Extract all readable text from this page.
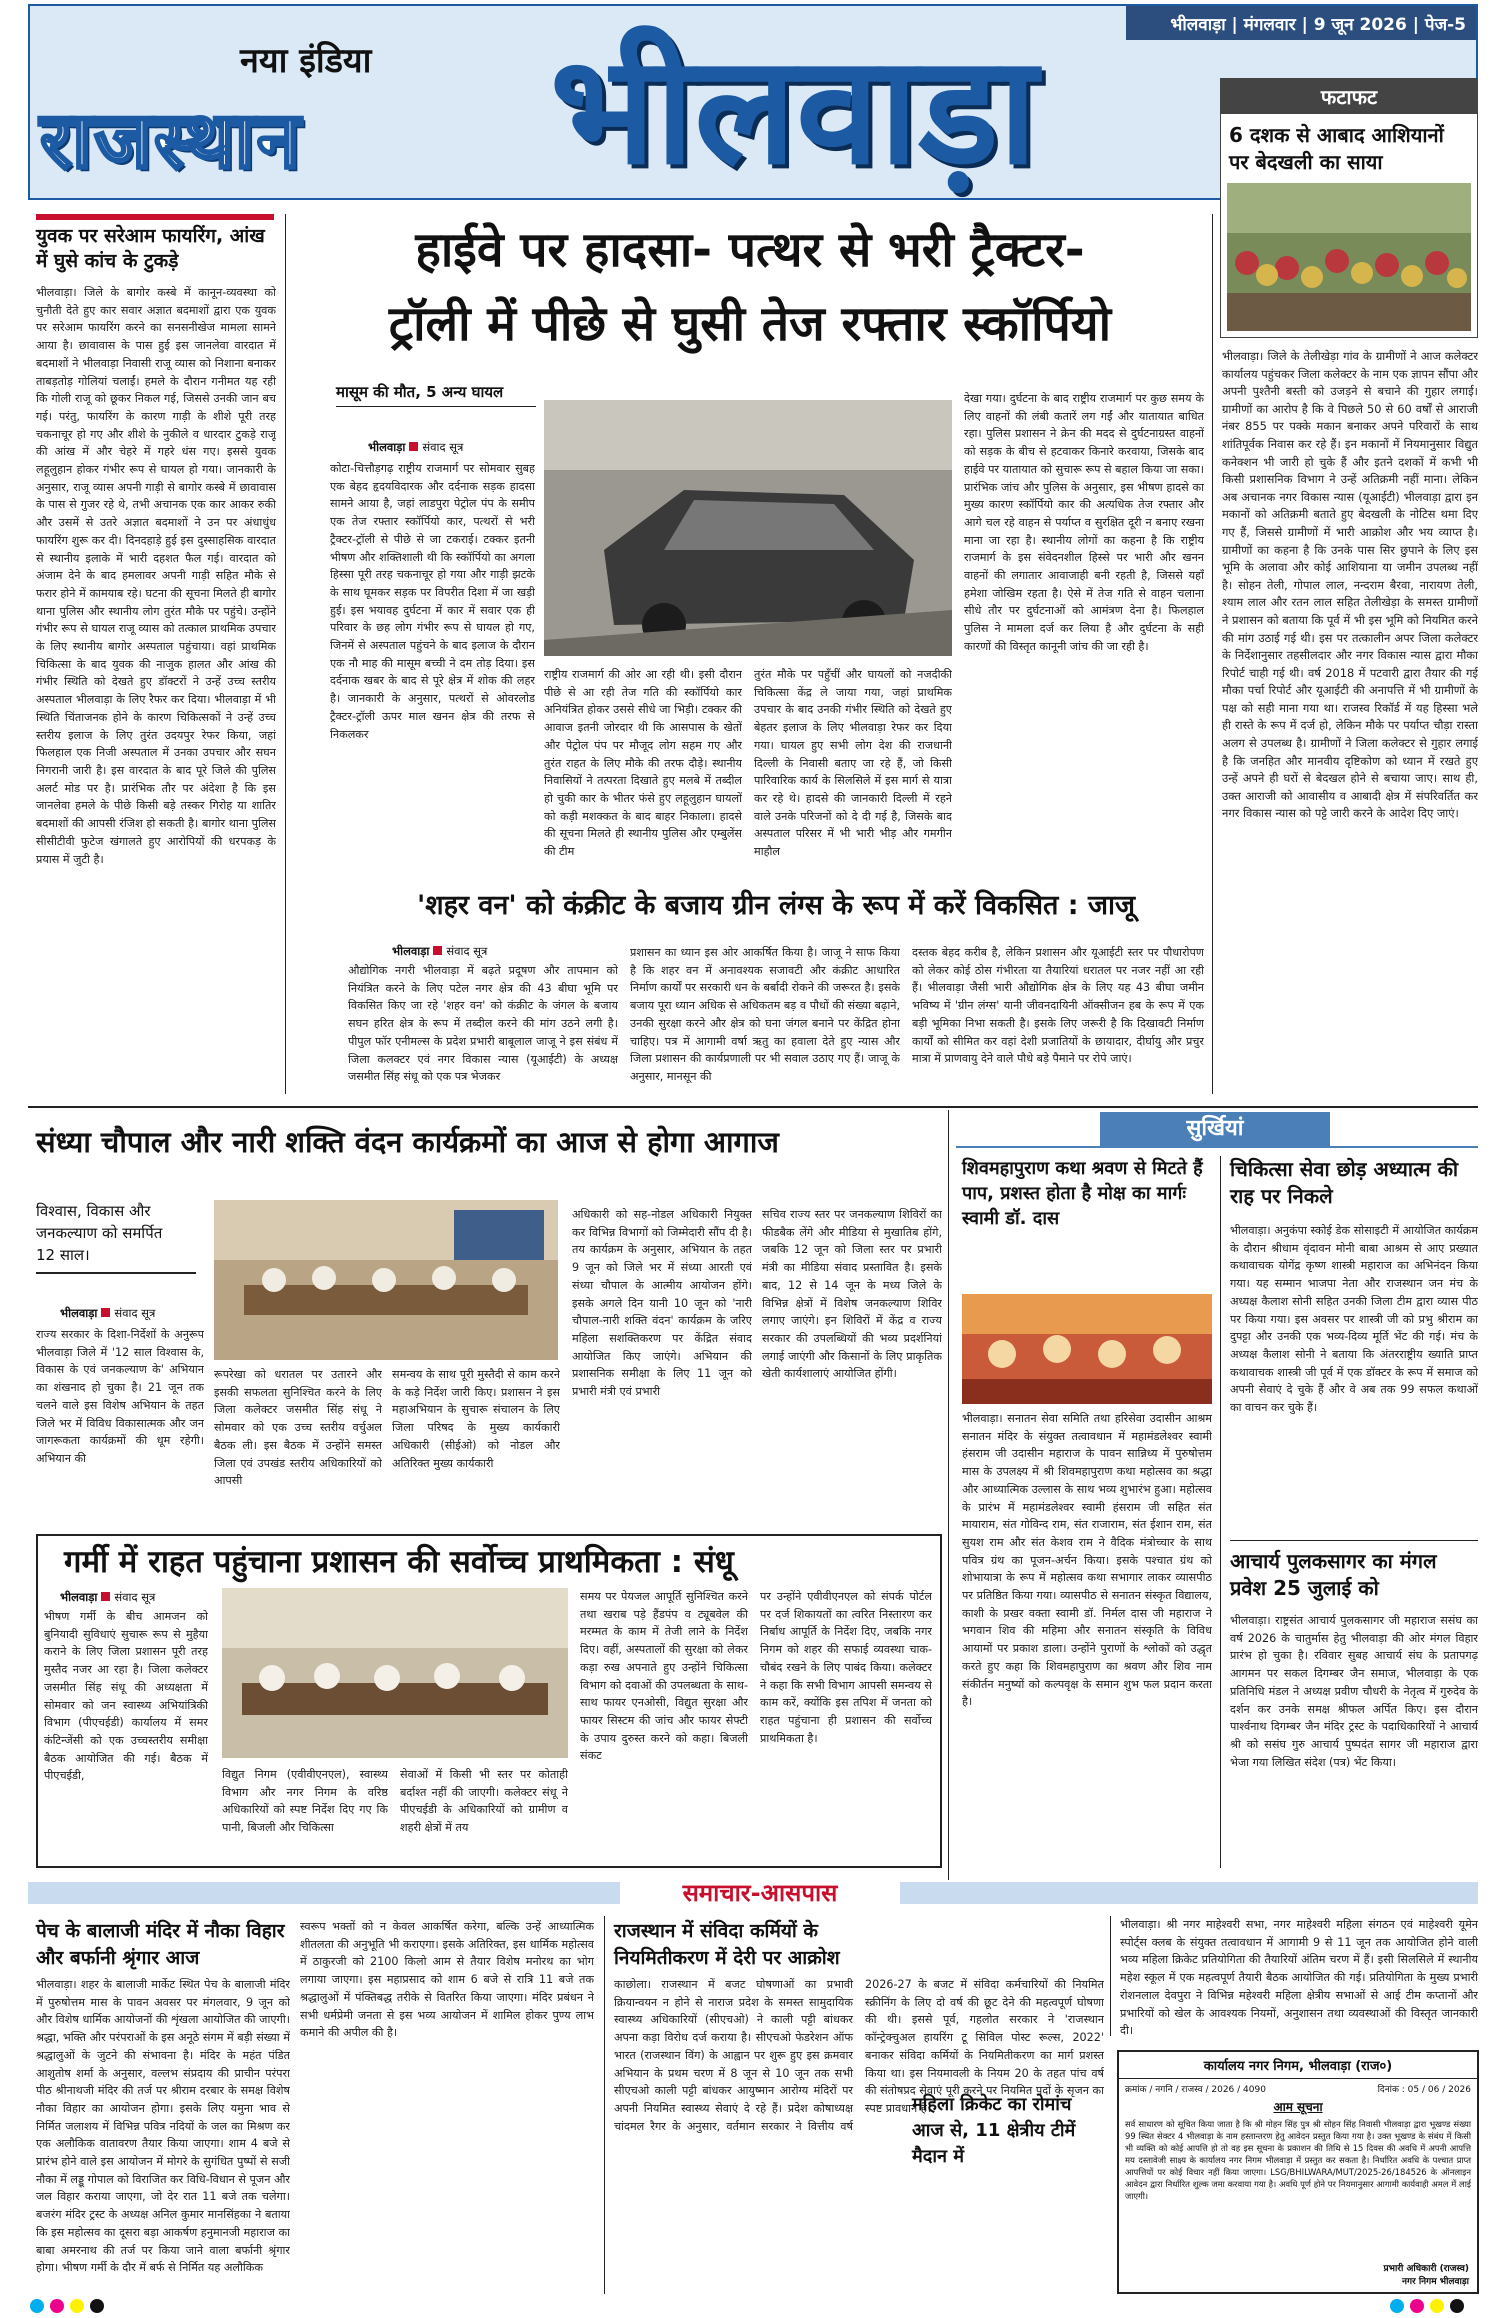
भीलवाड़ा | मंगलवार | 9 जून 2026 | पेज-5
नया इंडिया
राजस्थान भीलवाड़ा	फटाफट
6 दशक से आबाद आशियानों पर बेदखली का साया
भीलवाड़ा। जिले के तेलीखेड़ा गांव के ग्रामीणों ने आज कलेक्टर कार्यालय पहुंचकर जिला कलेक्टर के नाम एक ज्ञापन सौंपा और अपनी पुश्तैनी बस्ती को उजड़ने से बचाने की गुहार लगाई। ग्रामीणों का आरोप है कि वे पिछले 50 से 60 वर्षों से आराजी नंबर 855 पर पक्के मकान बनाकर अपने परिवारों के साथ शांतिपूर्वक निवास कर रहे हैं। इन मकानों में नियमानुसार विद्युत कनेक्शन भी जारी हो चुके हैं और इतने दशकों में कभी भी किसी प्रशासनिक विभाग ने उन्हें अतिक्रमी नहीं माना। लेकिन अब अचानक नगर विकास न्यास (यूआईटी) भीलवाड़ा द्वारा इन मकानों को अतिक्रमी बताते हुए बेदखली के नोटिस थमा दिए गए हैं, जिससे ग्रामीणों में भारी आक्रोश और भय व्याप्त है। ग्रामीणों का कहना है कि उनके पास सिर छुपाने के लिए इस भूमि के अलावा और कोई आशियाना या जमीन उपलब्ध नहीं है। सोहन तेली, गोपाल लाल, नन्दराम बैरवा, नारायण तेली, श्याम लाल और रतन लाल सहित तेलीखेड़ा के समस्त ग्रामीणों ने प्रशासन को बताया कि पूर्व में भी इस भूमि को नियमित करने की मांग उठाई गई थी। इस पर तत्कालीन अपर जिला कलेक्टर के निर्देशानुसार तहसीलदार और नगर विकास न्यास द्वारा मौका रिपोर्ट चाही गई थी। वर्ष 2018 में पटवारी द्वारा तैयार की गई मौका पर्चा रिपोर्ट और यूआईटी की अनापत्ति में भी ग्रामीणों के पक्ष को सही माना गया था। राजस्व रिकॉर्ड में यह हिस्सा भले ही रास्ते के रूप में दर्ज हो, लेकिन मौके पर पर्याप्त चौड़ा रास्ता अलग से उपलब्ध है। ग्रामीणों ने जिला कलेक्टर से गुहार लगाई है कि जनहित और मानवीय दृष्टिकोण को ध्यान में रखते हुए उन्हें अपने ही घरों से बेदखल होने से बचाया जाए। साथ ही, उक्त आराजी को आवासीय व आबादी क्षेत्र में संपरिवर्तित कर नगर विकास न्यास को पट्टे जारी करने के आदेश दिए जाएं।
युवक पर सरेआम फायरिंग, आंख में घुसे कांच के टुकड़े
भीलवाड़ा। जिले के बागोर कस्बे में कानून-व्यवस्था को चुनौती देते हुए कार सवार अज्ञात बदमाशों द्वारा एक युवक पर सरेआम फायरिंग करने का सनसनीखेज मामला सामने आया है। छावावास के पास हुई इस जानलेवा वारदात में बदमाशों ने भीलवाड़ा निवासी राजू व्यास को निशाना बनाकर ताबड़तोड़ गोलियां चलाईं। हमले के दौरान गनीमत यह रही कि गोली राजू को छूकर निकल गई, जिससे उनकी जान बच गई। परंतु, फायरिंग के कारण गाड़ी के शीशे पूरी तरह चकनाचूर हो गए और शीशे के नुकीले व धारदार टुकड़े राजू की आंख में और चेहरे में गहरे धंस गए। इससे युवक लहूलुहान होकर गंभीर रूप से घायल हो गया। जानकारी के अनुसार, राजू व्यास अपनी गाड़ी से बागोर कस्बे में छावावास के पास से गुजर रहे थे, तभी अचानक एक कार आकर रुकी और उसमें से उतरे अज्ञात बदमाशों ने उन पर अंधाधुंध फायरिंग शुरू कर दी। दिनदहाड़े हुई इस दुस्साहसिक वारदात से स्थानीय इलाके में भारी दहशत फैल गई। वारदात को अंजाम देने के बाद हमलावर अपनी गाड़ी सहित मौके से फरार होने में कामयाब रहे। घटना की सूचना मिलते ही बागोर थाना पुलिस और स्थानीय लोग तुरंत मौके पर पहुंचे। उन्होंने गंभीर रूप से घायल राजू व्यास को तत्काल प्राथमिक उपचार के लिए स्थानीय बागोर अस्पताल पहुंचाया। वहां प्राथमिक चिकित्सा के बाद युवक की नाजुक हालत और आंख की गंभीर स्थिति को देखते हुए डॉक्टरों ने उन्हें उच्च स्तरीय अस्पताल भीलवाड़ा के लिए रैफर कर दिया। भीलवाड़ा में भी स्थिति चिंताजनक होने के कारण चिकित्सकों ने उन्हें उच्च स्तरीय इलाज के लिए तुरंत उदयपुर रेफर किया, जहां फिलहाल एक निजी अस्पताल में उनका उपचार और सघन निगरानी जारी है। इस वारदात के बाद पूरे जिले की पुलिस अलर्ट मोड पर है। प्रारंभिक तौर पर अंदेशा है कि इस जानलेवा हमले के पीछे किसी बड़े तस्कर गिरोह या शातिर बदमाशों की आपसी रंजिश हो सकती है। बागोर थाना पुलिस सीसीटीवी फुटेज खंगालते हुए आरोपियों की धरपकड़ के प्रयास में जुटी है।
हाईवे पर हादसा- पत्थर से भरी ट्रैक्टर-
ट्रॉली में पीछे से घुसी तेज रफ्तार स्कॉर्पियो
मासूम की मौत, 5 अन्य घायल
भीलवाड़ा संवाद सूत्र
कोटा-चित्तौड़गढ़ राष्ट्रीय राजमार्ग पर सोमवार सुबह एक बेहद हृदयविदारक और दर्दनाक सड़क हादसा सामने आया है, जहां लाडपुरा पेट्रोल पंप के समीप एक तेज रफ्तार स्कॉर्पियो कार, पत्थरों से भरी ट्रैक्टर-ट्रॉली से पीछे से जा टकराई। टक्कर इतनी भीषण और शक्तिशाली थी कि स्कॉर्पियो का अगला हिस्सा पूरी तरह चकनाचूर हो गया और गाड़ी झटके के साथ घूमकर सड़क पर विपरीत दिशा में जा खड़ी हुई। इस भयावह दुर्घटना में कार में सवार एक ही परिवार के छह लोग गंभीर रूप से घायल हो गए, जिनमें से अस्पताल पहुंचने के बाद इलाज के दौरान एक नौ माह की मासूम बच्ची ने दम तोड़ दिया। इस दर्दनाक खबर के बाद से पूरे क्षेत्र में शोक की लहर है। जानकारी के अनुसार, पत्थरों से ओवरलोड ट्रैक्टर-ट्रॉली ऊपर माल खनन क्षेत्र की तरफ से निकलकर
राष्ट्रीय राजमार्ग की ओर आ रही थी। इसी दौरान पीछे से आ रही तेज गति की स्कॉर्पियो कार अनियंत्रित होकर उससे सीधे जा भिड़ी। टक्कर की आवाज इतनी जोरदार थी कि आसपास के खेतों और पेट्रोल पंप पर मौजूद लोग सहम गए और तुरंत राहत के लिए मौके की तरफ दौड़े। स्थानीय निवासियों ने तत्परता दिखाते हुए मलबे में तब्दील हो चुकी कार के भीतर फंसे हुए लहूलुहान घायलों को कड़ी मशक्कत के बाद बाहर निकाला। हादसे की सूचना मिलते ही स्थानीय पुलिस और एम्बुलेंस की टीम
तुरंत मौके पर पहुँचीं और घायलों को नजदीकी चिकित्सा केंद्र ले जाया गया, जहां प्राथमिक उपचार के बाद उनकी गंभीर स्थिति को देखते हुए बेहतर इलाज के लिए भीलवाड़ा रेफर कर दिया गया। घायल हुए सभी लोग देश की राजधानी दिल्ली के निवासी बताए जा रहे हैं, जो किसी पारिवारिक कार्य के सिलसिले में इस मार्ग से यात्रा कर रहे थे। हादसे की जानकारी दिल्ली में रहने वाले उनके परिजनों को दे दी गई है, जिसके बाद अस्पताल परिसर में भी भारी भीड़ और गमगीन माहौल
देखा गया। दुर्घटना के बाद राष्ट्रीय राजमार्ग पर कुछ समय के लिए वाहनों की लंबी कतारें लग गईं और यातायात बाधित रहा। पुलिस प्रशासन ने क्रेन की मदद से दुर्घटनाग्रस्त वाहनों को सड़क के बीच से हटवाकर किनारे करवाया, जिसके बाद हाईवे पर यातायात को सुचारू रूप से बहाल किया जा सका। प्रारंभिक जांच और पुलिस के अनुसार, इस भीषण हादसे का मुख्य कारण स्कॉर्पियो कार की अत्यधिक तेज रफ्तार और आगे चल रहे वाहन से पर्याप्त व सुरक्षित दूरी न बनाए रखना माना जा रहा है। स्थानीय लोगों का कहना है कि राष्ट्रीय राजमार्ग के इस संवेदनशील हिस्से पर भारी और खनन वाहनों की लगातार आवाजाही बनी रहती है, जिससे यहाँ हमेशा जोखिम रहता है। ऐसे में तेज गति से वाहन चलाना सीधे तौर पर दुर्घटनाओं को आमंत्रण देना है। फिलहाल पुलिस ने मामला दर्ज कर लिया है और दुर्घटना के सही कारणों की विस्तृत कानूनी जांच की जा रही है।
'शहर वन' को कंक्रीट के बजाय ग्रीन लंग्स के रूप में करें विकसित : जाजू
भीलवाड़ा संवाद सूत्र
औद्योगिक नगरी भीलवाड़ा में बढ़ते प्रदूषण और तापमान को नियंत्रित करने के लिए पटेल नगर क्षेत्र की 43 बीघा भूमि पर विकसित किए जा रहे 'शहर वन' को कंक्रीट के जंगल के बजाय सघन हरित क्षेत्र के रूप में तब्दील करने की मांग उठने लगी है। पीपुल फॉर एनीमल्स के प्रदेश प्रभारी बाबूलाल जाजू ने इस संबंध में जिला कलक्टर एवं नगर विकास न्यास (यूआईटी) के अध्यक्ष जसमीत सिंह संधू को एक पत्र भेजकर
प्रशासन का ध्यान इस ओर आकर्षित किया है। जाजू ने साफ किया है कि शहर वन में अनावश्यक सजावटी और कंक्रीट आधारित निर्माण कार्यों पर सरकारी धन के बर्बादी रोकने की जरूरत है। इसके बजाय पूरा ध्यान अधिक से अधिकतम बड़ व पौधों की संख्या बढ़ाने, उनकी सुरक्षा करने और क्षेत्र को घना जंगल बनाने पर केंद्रित होना चाहिए। पत्र में आगामी वर्षा ऋतु का हवाला देते हुए न्यास और जिला प्रशासन की कार्यप्रणाली पर भी सवाल उठाए गए हैं। जाजू के अनुसार, मानसून की
दस्तक बेहद करीब है, लेकिन प्रशासन और यूआईटी स्तर पर पौधारोपण को लेकर कोई ठोस गंभीरता या तैयारियां धरातल पर नजर नहीं आ रही हैं। भीलवाड़ा जैसी भारी औद्योगिक क्षेत्र के लिए यह 43 बीघा जमीन भविष्य में 'ग्रीन लंग्स' यानी जीवनदायिनी ऑक्सीजन हब के रूप में एक बड़ी भूमिका निभा सकती है। इसके लिए जरूरी है कि दिखावटी निर्माण कार्यों को सीमित कर वहां देशी प्रजातियों के छायादार, दीर्घायु और प्रचुर मात्रा में प्राणवायु देने वाले पौधे बड़े पैमाने पर रोपे जाएं।
संध्या चौपाल और नारी शक्ति वंदन कार्यक्रमों का आज से होगा आगाज
विश्वास, विकास और जनकल्याण को समर्पित 12 साल।
भीलवाड़ा संवाद सूत्र
राज्य सरकार के दिशा-निर्देशों के अनुरूप भीलवाड़ा जिले में '12 साल विश्वास के, विकास के एवं जनकल्याण के' अभियान का शंखनाद हो चुका है। 21 जून तक चलने वाले इस विशेष अभियान के तहत जिले भर में विविध विकासात्मक और जन जागरूकता कार्यक्रमों की धूम रहेगी। अभियान की
रूपरेखा को धरातल पर उतारने और इसकी सफलता सुनिश्चित करने के लिए जिला कलेक्टर जसमीत सिंह संधू ने सोमवार को एक उच्च स्तरीय वर्चुअल बैठक ली। इस बैठक में उन्होंने समस्त जिला एवं उपखंड स्तरीय अधिकारियों को आपसी
समन्वय के साथ पूरी मुस्तैदी से काम करने के कड़े निर्देश जारी किए। प्रशासन ने इस महाअभियान के सुचारू संचालन के लिए जिला परिषद के मुख्य कार्यकारी अधिकारी (सीईओ) को नोडल और अतिरिक्त मुख्य कार्यकारी
अधिकारी को सह-नोडल अधिकारी नियुक्त कर विभिन्न विभागों को जिम्मेदारी सौंप दी है। तय कार्यक्रम के अनुसार, अभियान के तहत 9 जून को जिले भर में संध्या आरती एवं संध्या चौपाल के आत्मीय आयोजन होंगे। इसके अगले दिन यानी 10 जून को 'नारी चौपाल-नारी शक्ति वंदन' कार्यक्रम के जरिए महिला सशक्तिकरण पर केंद्रित संवाद आयोजित किए जाएंगे। अभियान की प्रशासनिक समीक्षा के लिए 11 जून को प्रभारी मंत्री एवं प्रभारी
सचिव राज्य स्तर पर जनकल्याण शिविरों का फीडबैक लेंगे और मीडिया से मुखातिब होंगे, जबकि 12 जून को जिला स्तर पर प्रभारी मंत्री का मीडिया संवाद प्रस्तावित है। इसके बाद, 12 से 14 जून के मध्य जिले के विभिन्न क्षेत्रों में विशेष जनकल्याण शिविर लगाए जाएंगे। इन शिविरों में केंद्र व राज्य सरकार की उपलब्धियों की भव्य प्रदर्शनियां लगाई जाएंगी और किसानों के लिए प्राकृतिक खेती कार्यशालाएं आयोजित होंगी।
गर्मी में राहत पहुंचाना प्रशासन की सर्वोच्च प्राथमिकता : संधू
भीलवाड़ा संवाद सूत्र
भीषण गर्मी के बीच आमजन को बुनियादी सुविधाएं सुचारू रूप से मुहैया कराने के लिए जिला प्रशासन पूरी तरह मुस्तैद नजर आ रहा है। जिला कलेक्टर जसमीत सिंह संधू की अध्यक्षता में सोमवार को जन स्वास्थ्य अभियांत्रिकी विभाग (पीएचईडी) कार्यालय में समर कंटिन्जेंसी को एक उच्चस्तरीय समीक्षा बैठक आयोजित की गई। बैठक में पीएचईडी,	विद्युत निगम (एवीवीएनएल), स्वास्थ्य विभाग और नगर निगम के वरिष्ठ अधिकारियों को स्पष्ट निर्देश दिए गए कि पानी, बिजली और चिकित्सा
सेवाओं में किसी भी स्तर पर कोताही बर्दाश्त नहीं की जाएगी। कलेक्टर संधू ने पीएचईडी के अधिकारियों को ग्रामीण व शहरी क्षेत्रों में तय
समय पर पेयजल आपूर्ति सुनिश्चित करने तथा खराब पड़े हैंडपंप व ट्यूबवेल की मरम्मत के काम में तेजी लाने के निर्देश दिए। वहीं, अस्पतालों की सुरक्षा को लेकर कड़ा रुख अपनाते हुए उन्होंने चिकित्सा विभाग को दवाओं की उपलब्धता के साथ-साथ फायर एनओसी, विद्युत सुरक्षा और फायर सिस्टम की जांच और फायर सेफ्टी के उपाय दुरुस्त करने को कहा। बिजली संकट
पर उन्होंने एवीवीएनएल को संपर्क पोर्टल पर दर्ज शिकायतों का त्वरित निस्तारण कर निर्बाध आपूर्ति के निर्देश दिए, जबकि नगर निगम को शहर की सफाई व्यवस्था चाक-चौबंद रखने के लिए पाबंद किया। कलेक्टर ने कहा कि सभी विभाग आपसी समन्वय से काम करें, क्योंकि इस तपिश में जनता को राहत पहुंचाना ही प्रशासन की सर्वोच्च प्राथमिकता है।
सुर्खियां
शिवमहापुराण कथा श्रवण से मिटते हैं पाप, प्रशस्त होता है मोक्ष का मार्गः स्वामी डॉ. दास
भीलवाड़ा। सनातन सेवा समिति तथा हरिसेवा उदासीन आश्रम सनातन मंदिर के संयुक्त तत्वावधान में महामंडलेश्वर स्वामी हंसराम जी उदासीन महाराज के पावन सान्निध्य में पुरुषोत्तम मास के उपलक्ष्य में श्री शिवमहापुराण कथा महोत्सव का श्रद्धा और आध्यात्मिक उल्लास के साथ भव्य शुभारंभ हुआ। महोत्सव के प्रारंभ में महामंडलेश्वर स्वामी हंसराम जी सहित संत मायाराम, संत गोविन्द राम, संत राजाराम, संत ईशान राम, संत सुयश राम और संत केशव राम ने वैदिक मंत्रोच्चार के साथ पवित्र ग्रंथ का पूजन-अर्चन किया। इसके पश्चात ग्रंथ को शोभायात्रा के रूप में महोत्सव कथा सभागार लाकर व्यासपीठ पर प्रतिष्ठित किया गया। व्यासपीठ से सनातन संस्कृत विद्यालय, काशी के प्रखर वक्ता स्वामी डॉ. निर्मल दास जी महाराज ने भगवान शिव की महिमा और सनातन संस्कृति के विविध आयामों पर प्रकाश डाला। उन्होंने पुराणों के श्लोकों को उद्धृत करते हुए कहा कि शिवमहापुराण का श्रवण और शिव नाम संकीर्तन मनुष्यों को कल्पवृक्ष के समान शुभ फल प्रदान करता है।
चिकित्सा सेवा छोड़ अध्यात्म की राह पर निकले
भीलवाड़ा। अनुकंपा स्कोई डेक सोसाइटी में आयोजित कार्यक्रम के दौरान श्रीधाम वृंदावन मोनी बाबा आश्रम से आए प्रख्यात कथावाचक योगेंद्र कृष्ण शास्त्री महाराज का अभिनंदन किया गया। यह सम्मान भाजपा नेता और राजस्थान जन मंच के अध्यक्ष कैलाश सोनी सहित उनकी जिला टीम द्वारा व्यास पीठ पर किया गया। इस अवसर पर शास्त्री जी को प्रभु श्रीराम का दुपट्टा और उनकी एक भव्य-दिव्य मूर्ति भेंट की गई। मंच के अध्यक्ष कैलाश सोनी ने बताया कि अंतरराष्ट्रीय ख्याति प्राप्त कथावाचक शास्त्री जी पूर्व में एक डॉक्टर के रूप में समाज को अपनी सेवाएं दे चुके हैं और वे अब तक 99 सफल कथाओं का वाचन कर चुके हैं।
आचार्य पुलकसागर का मंगल प्रवेश 25 जुलाई को
भीलवाड़ा। राष्ट्रसंत आचार्य पुलकसागर जी महाराज ससंघ का वर्ष 2026 के चातुर्मास हेतु भीलवाड़ा की ओर मंगल विहार प्रारंभ हो चुका है। रविवार सुबह आचार्य संघ के प्रतापगढ़ आगमन पर सकल दिगम्बर जैन समाज, भीलवाड़ा के एक प्रतिनिधि मंडल ने अध्यक्ष प्रवीण चौधरी के नेतृत्व में गुरुदेव के दर्शन कर उनके समक्ष श्रीफल अर्पित किए। इस दौरान पार्श्वनाथ दिगम्बर जैन मंदिर ट्रस्ट के पदाधिकारियों ने आचार्य श्री को ससंघ गुरु आचार्य पुष्पदंत सागर जी महाराज द्वारा भेजा गया लिखित संदेश (पत्र) भेंट किया।
समाचार-आसपास
पेच के बालाजी मंदिर में नौका विहार और बर्फानी श्रृंगार आज
भीलवाड़ा। शहर के बालाजी मार्केट स्थित पेच के बालाजी मंदिर में पुरुषोत्तम मास के पावन अवसर पर मंगलवार, 9 जून को और विशेष धार्मिक आयोजनों की शृंखला आयोजित की जाएगी। श्रद्धा, भक्ति और परंपराओं के इस अनूठे संगम में बड़ी संख्या में श्रद्धालुओं के जुटने की संभावना है। मंदिर के महंत पंडित आशुतोष शर्मा के अनुसार, वल्लभ संप्रदाय की प्राचीन परंपरा पीठ श्रीनाथजी मंदिर की तर्ज पर श्रीराम दरबार के समक्ष विशेष नौका विहार का आयोजन होगा। इसके लिए यमुना भाव से निर्मित जलाशय में विभिन्न पवित्र नदियों के जल का मिश्रण कर एक अलौकिक वातावरण तैयार किया जाएगा। शाम 4 बजे से प्रारंभ होने वाले इस आयोजन में मोगरे के सुगंधित पुष्पों से सजी नौका में लड्डू गोपाल को विराजित कर विधि-विधान से पूजन और जल विहार कराया जाएगा, जो देर रात 11 बजे तक चलेगा। बजरंग मंदिर ट्रस्ट के अध्यक्ष अनिल कुमार मानसिंहका ने बताया कि इस महोत्सव का दूसरा बड़ा आकर्षण हनुमानजी महाराज का बाबा अमरनाथ की तर्ज पर किया जाने वाला बर्फानी श्रृंगार होगा। भीषण गर्मी के दौर में बर्फ से निर्मित यह अलौकिक
राजस्थान में संविदा कर्मियों के नियमितीकरण में देरी पर आक्रोश
काछोला। राजस्थान में बजट घोषणाओं का प्रभावी क्रियान्वयन न होने से नाराज प्रदेश के समस्त सामुदायिक स्वास्थ्य अधिकारियों (सीएचओ) ने काली पट्टी बांधकर अपना कड़ा विरोध दर्ज कराया है। सीएचओ फेडरेशन ऑफ भारत (राजस्थान विंग) के आह्वान पर शुरू हुए इस क्रमवार अभियान के प्रथम चरण में 8 जून से 10 जून तक सभी सीएचओ काली पट्टी बांधकर आयुष्मान आरोग्य मंदिरों पर अपनी नियमित स्वास्थ्य सेवाएं दे रहे हैं। प्रदेश कोषाध्यक्ष चांदमल रैगर के अनुसार, वर्तमान सरकार ने वित्तीय वर्ष 2026-27 के बजट में संविदा कर्मचारियों की नियमित स्क्रीनिंग के लिए दो वर्ष की छूट देने की महत्वपूर्ण घोषणा की थी। इससे पूर्व, गहलोत सरकार ने 'राजस्थान कॉन्ट्रेक्चुअल हायरिंग टू सिविल पोस्ट रूल्स, 2022' बनाकर संविदा कर्मियों के नियमितीकरण का मार्ग प्रशस्त किया था। इस नियमावली के नियम 20 के तहत पांच वर्ष की संतोषप्रद सेवाएं पूरी करने पर नियमित पदों के सृजन का स्पष्ट प्रावधान है।
स्वरूप भक्तों को न केवल आकर्षित करेगा, बल्कि उन्हें आध्यात्मिक शीतलता की अनुभूति भी कराएगा। इसके अतिरिक्त, इस धार्मिक महोत्सव में ठाकुरजी को 2100 किलो आम से तैयार विशेष मनोरथ का भोग लगाया जाएगा। इस महाप्रसाद को शाम 6 बजे से रात्रि 11 बजे तक श्रद्धालुओं में पंक्तिबद्ध तरीके से वितरित किया जाएगा। मंदिर प्रबंधन ने सभी धर्मप्रेमी जनता से इस भव्य आयोजन में शामिल होकर पुण्य लाभ कमाने की अपील की है।
महिला क्रिकेट का रोमांच आज से, 11 क्षेत्रीय टीमें मैदान में
भीलवाड़ा। श्री नगर माहेश्वरी सभा, नगर माहेश्वरी महिला संगठन एवं माहेश्वरी यूमेन स्पोर्ट्स क्लब के संयुक्त तत्वावधान में आगामी 9 से 11 जून तक आयोजित होने वाली भव्य महिला क्रिकेट प्रतियोगिता की तैयारियों अंतिम चरण में हैं। इसी सिलसिले में स्थानीय महेश स्कूल में एक महत्वपूर्ण तैयारी बैठक आयोजित की गई। प्रतियोगिता के मुख्य प्रभारी रोशनलाल देवपुरा ने विभिन्न महेश्वरी महिला क्षेत्रीय सभाओं से आई टीम कप्तानों और प्रभारियों को खेल के आवश्यक नियमों, अनुशासन तथा व्यवस्थाओं की विस्तृत जानकारी दी।
कार्यालय नगर निगम, भीलवाड़ा (राज०)
क्रमांक / नगनि / राजस्व / 2026 / 4090	दिनांक : 05 / 06 / 2026
आम सूचना
सर्व साधारण को सूचित किया जाता है कि श्री मोहन सिंह पुत्र श्री सोहन सिंह निवासी भीलवाड़ा द्वारा भूखण्ड संख्या 99 स्थित सेक्टर 4 भीलवाड़ा के नाम हस्तान्तरण हेतु आवेदन प्रस्तुत किया गया है। उक्त भूखण्ड के संबंध में किसी भी व्यक्ति को कोई आपत्ति हो तो वह इस सूचना के प्रकाशन की तिथि से 15 दिवस की अवधि में अपनी आपत्ति मय दस्तावेजी साक्ष्य के कार्यालय नगर निगम भीलवाड़ा में प्रस्तुत कर सकता है। निर्धारित अवधि के पश्चात प्राप्त आपत्तियों पर कोई विचार नहीं किया जाएगा। LSG/BHILWARA/MUT/2025-26/184526 के ऑनलाइन आवेदन द्वारा निर्धारित शुल्क जमा करवाया गया है। अवधि पूर्ण होने पर नियमानुसार आगामी कार्यवाही अमल में लाई जाएगी।
प्रभारी अधिकारी (राजस्व)
नगर निगम भीलवाड़ा
